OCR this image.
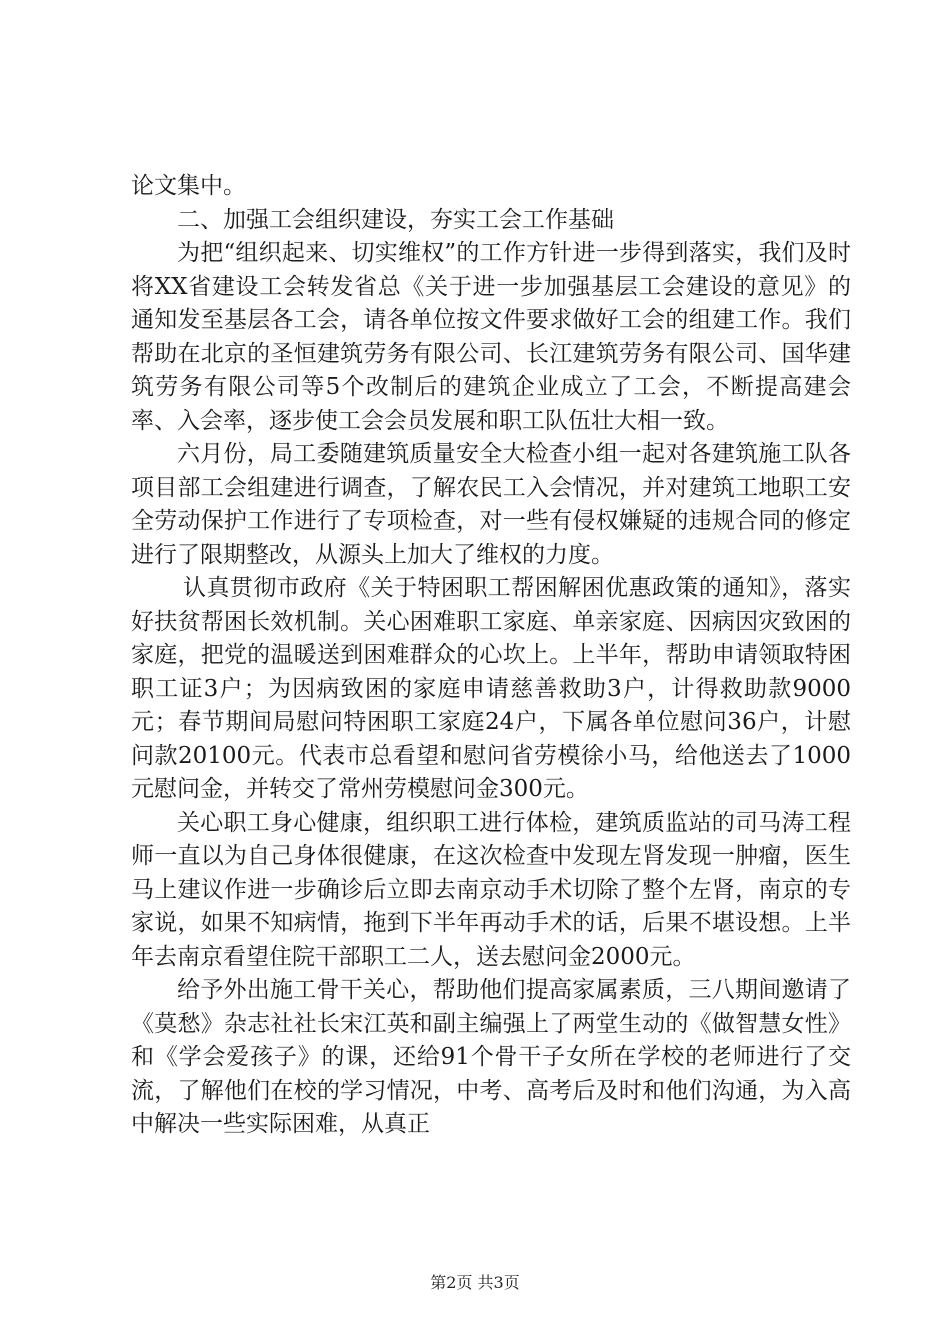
论文集中。

二、加强工会组织建设，夯实工会工作基础

为把“组织起来、切实维权”的工作方针进一步得到落实，我们及时将XX省建设工会转发省总《关于进一步加强基层工会建设的意见》的通知发至基层各工会，请各单位按文件要求做好工会的组建工作。我们帮助在北京的圣恒建筑劳务有限公司、长江建筑劳务有限公司、国华建筑劳务有限公司等5个改制后的建筑企业成立了工会，不断提高建会率、入会率，逐步使工会会员发展和职工队伍壮大相一致。

六月份，局工委随建筑质量安全大检查小组一起对各建筑施工队各项目部工会组建进行调查，了解农民工入会情况，并对建筑工地职工安全劳动保护工作进行了专项检查，对一些有侵权嫌疑的违规合同的修定进行了限期整改，从源头上加大了维权的力度。

认真贯彻市政府《关于特困职工帮困解困优惠政策的通知》，落实好扶贫帮困长效机制。关心困难职工家庭、单亲家庭、因病因灾致困的家庭，把党的温暖送到困难群众的心坎上。上半年，帮助申请领取特困职工证3户；为因病致困的家庭申请慈善救助3户，计得救助款9000元；春节期间局慰问特困职工家庭24户，下属各单位慰问36户，计慰问款20100元。代表市总看望和慰问省劳模徐小马，给他送去了1000元慰问金，并转交了常州劳模慰问金300元。

关心职工身心健康，组织职工进行体检，建筑质监站的司马涛工程师一直以为自己身体很健康，在这次检查中发现左肾发现一肿瘤，医生马上建议作进一步确诊后立即去南京动手术切除了整个左肾，南京的专家说，如果不知病情，拖到下半年再动手术的话，后果不堪设想。上半年去南京看望住院干部职工二人，送去慰问金2000元。

给予外出施工骨干关心，帮助他们提高家属素质，三八期间邀请了《莫愁》杂志社社长宋江英和副主编强上了两堂生动的《做智慧女性》和《学会爱孩子》的课，还给91个骨干子女所在学校的老师进行了交流，了解他们在校的学习情况，中考、高考后及时和他们沟通，为入高中解决一些实际困难，从真正

第2页 共3页
